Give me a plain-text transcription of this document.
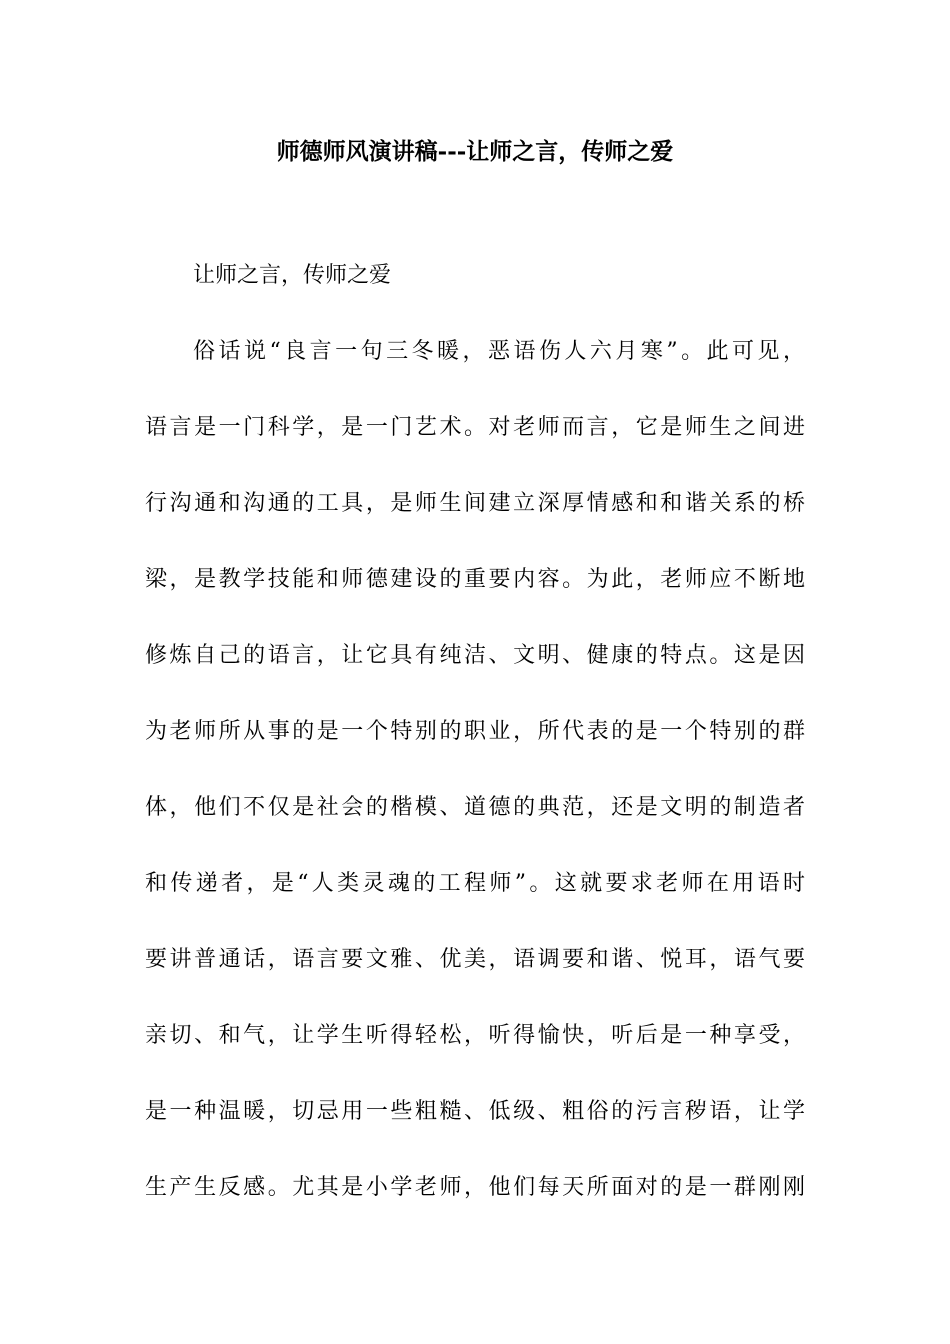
师德师风演讲稿---让师之言，传师之爱

让师之言，传师之爱

俗话说“良言一句三冬暖，恶语伤人六月寒”。此可见，
语言是一门科学，是一门艺术。对老师而言，它是师生之间进
行沟通和沟通的工具，是师生间建立深厚情感和和谐关系的桥
梁，是教学技能和师德建设的重要内容。为此，老师应不断地
修炼自己的语言，让它具有纯洁、文明、健康的特点。这是因
为老师所从事的是一个特别的职业，所代表的是一个特别的群
体，他们不仅是社会的楷模、道德的典范，还是文明的制造者
和传递者，是“人类灵魂的工程师”。这就要求老师在用语时
要讲普通话，语言要文雅、优美，语调要和谐、悦耳，语气要
亲切、和气，让学生听得轻松，听得愉快，听后是一种享受，
是一种温暖，切忌用一些粗糙、低级、粗俗的污言秽语，让学
生产生反感。尤其是小学老师，他们每天所面对的是一群刚刚
